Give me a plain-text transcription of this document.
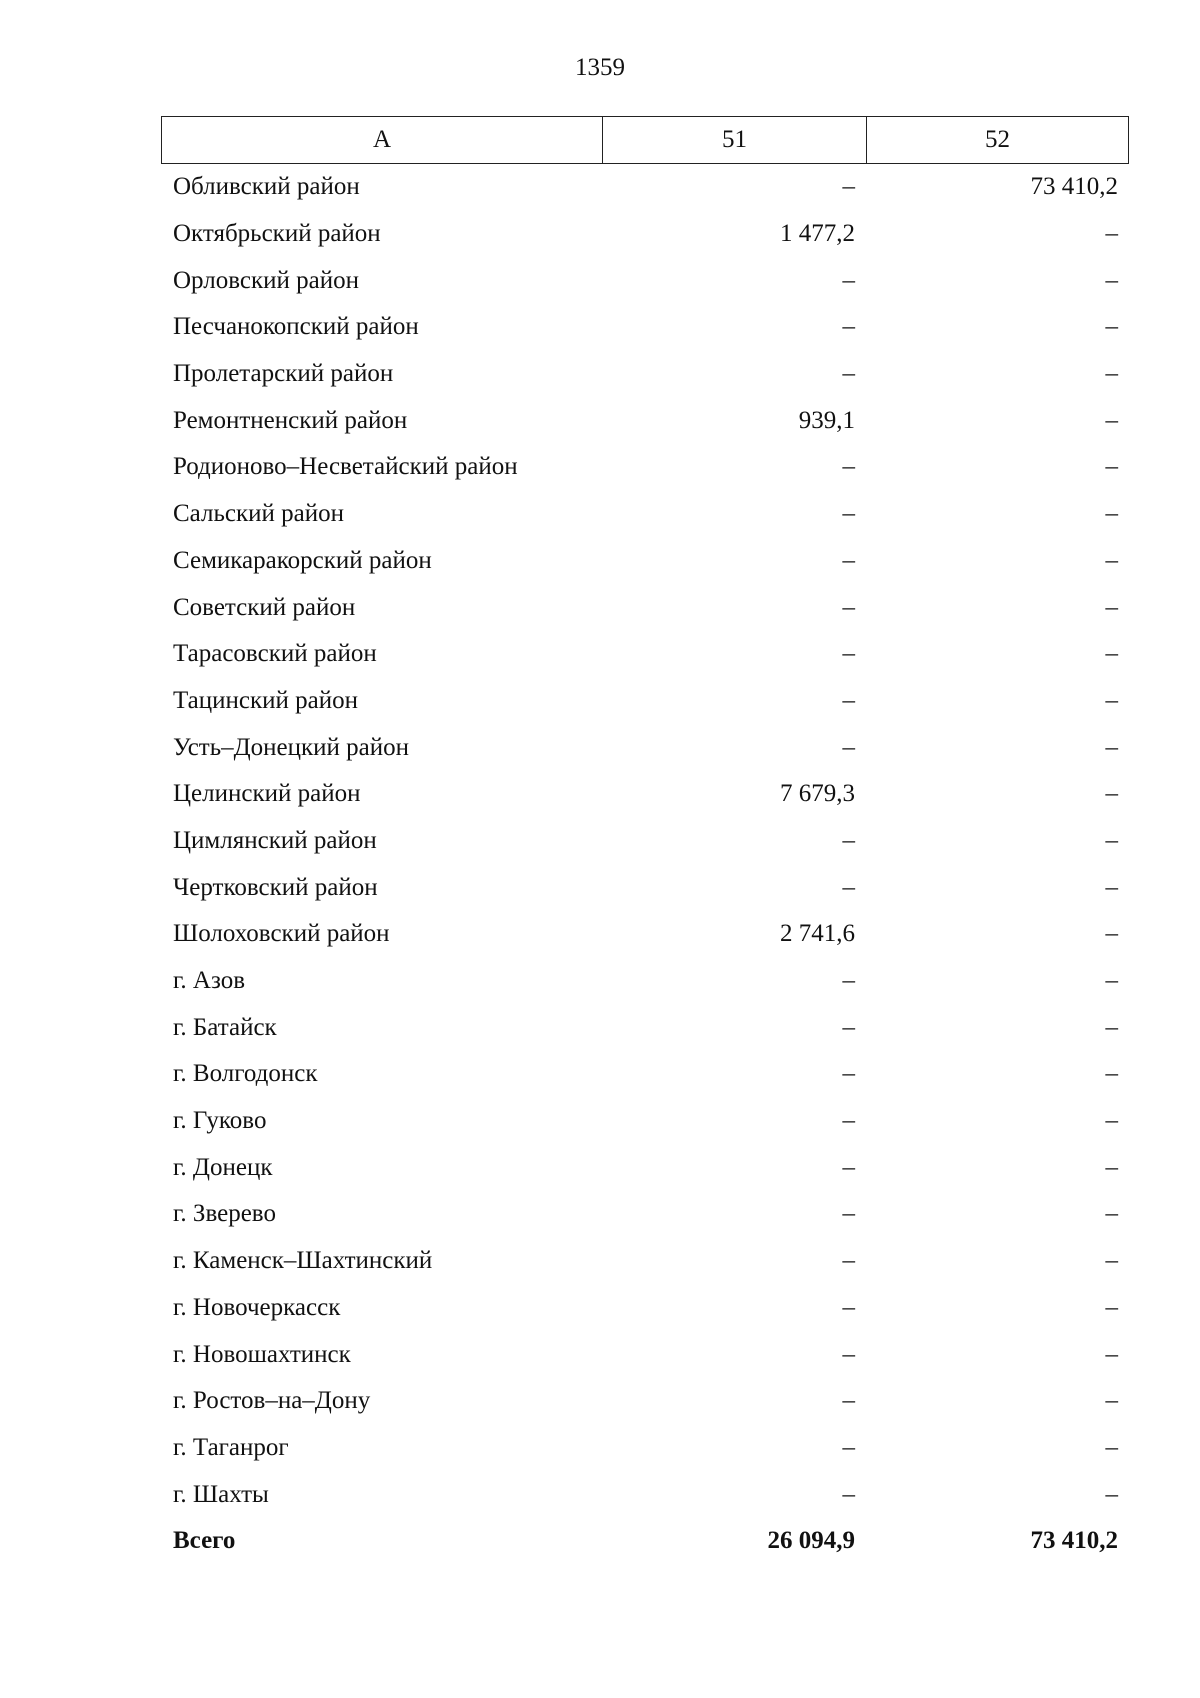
1359
А	51	52
Обливский район	–	73 410,2
Октябрьский район	1 477,2	–
Орловский район	–	–
Песчанокопский район	–	–
Пролетарский район	–	–
Ремонтненский район	939,1	–
Родионово–Несветайский район	–	–
Сальский район	–	–
Семикаракорский район	–	–
Советский район	–	–
Тарасовский район	–	–
Тацинский район	–	–
Усть–Донецкий район	–	–
Целинский район	7 679,3	–
Цимлянский район	–	–
Чертковский район	–	–
Шолоховский район	2 741,6	–
г. Азов	–	–
г. Батайск	–	–
г. Волгодонск	–	–
г. Гуково	–	–
г. Донецк	–	–
г. Зверево	–	–
г. Каменск–Шахтинский	–	–
г. Новочеркасск	–	–
г. Новошахтинск	–	–
г. Ростов–на–Дону	–	–
г. Таганрог	–	–
г. Шахты	–	–
Всего	26 094,9	73 410,2
